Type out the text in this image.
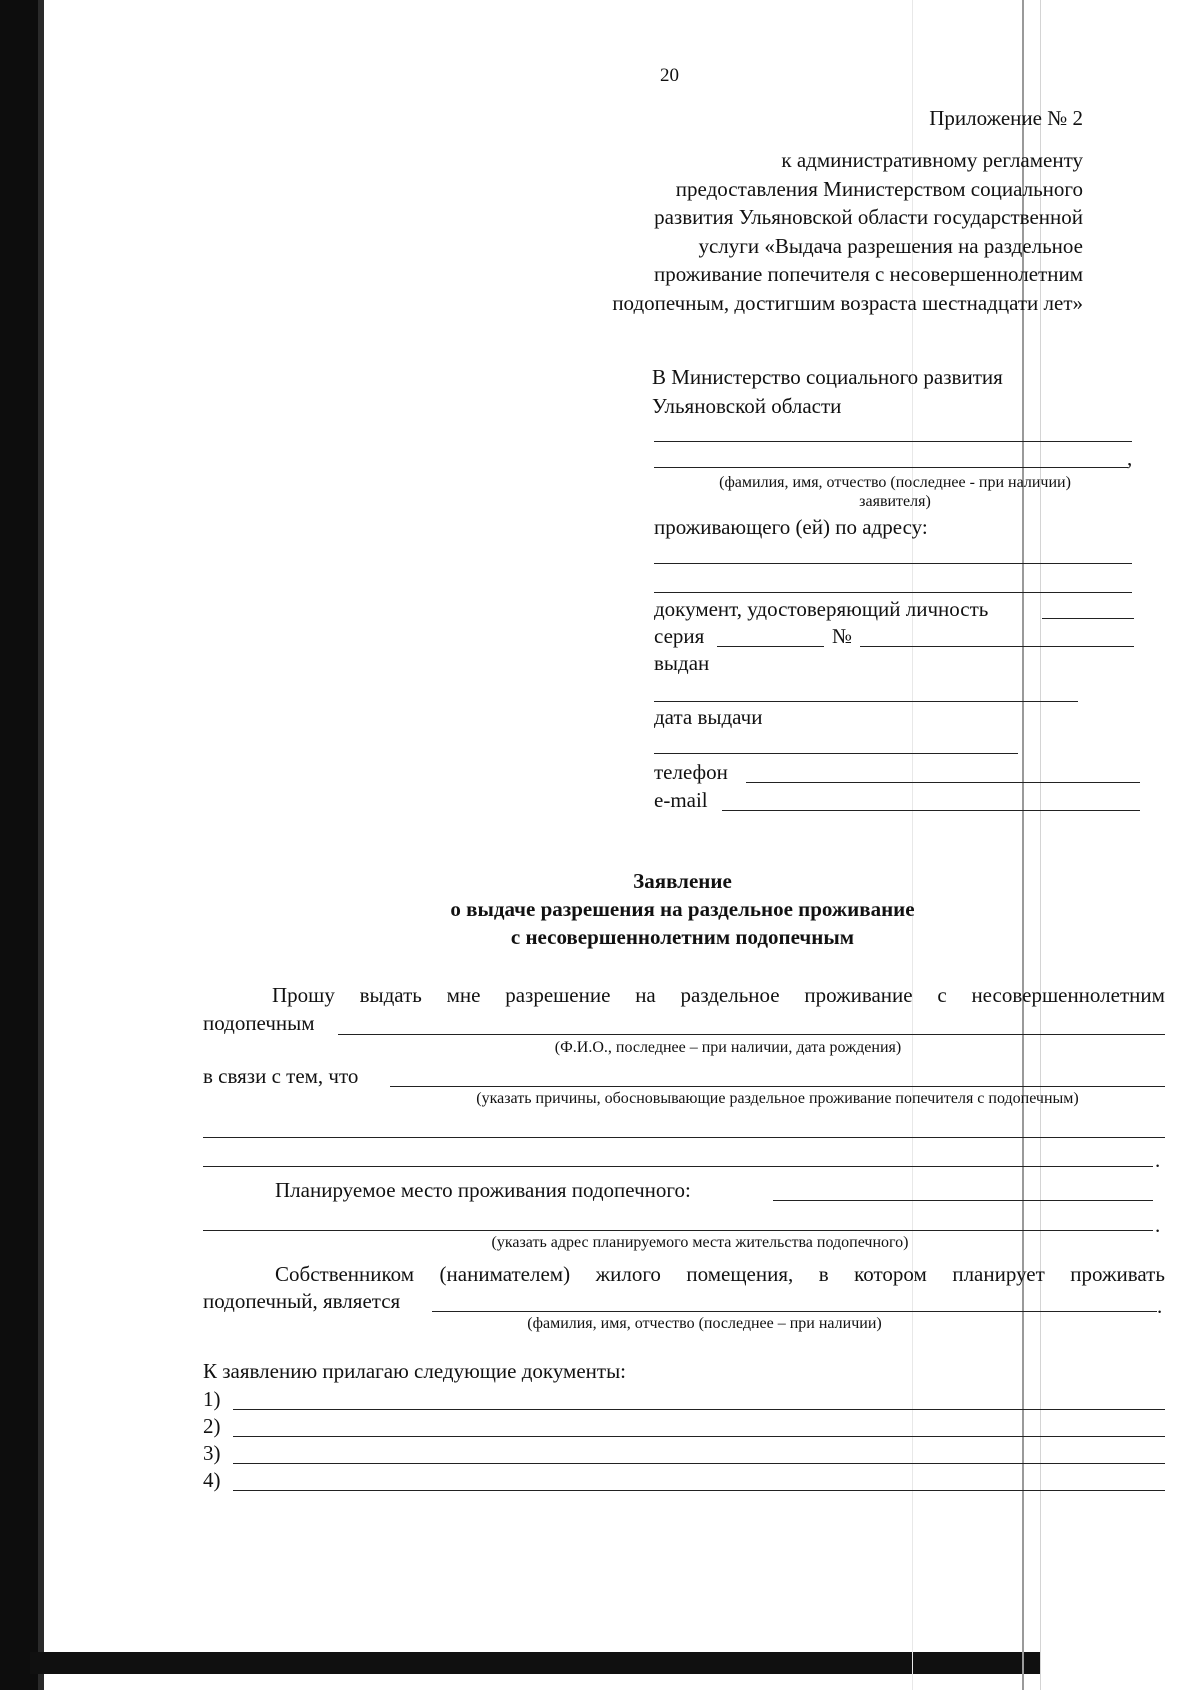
20
Приложение № 2
к административному регламенту
предоставления Министерством социального
развития Ульяновской области государственной
услуги «Выдача разрешения на раздельное
проживание попечителя с несовершеннолетним
подопечным, достигшим возраста шестнадцати лет»
В Министерство социального развития
Ульяновской области
,
(фамилия, имя, отчество (последнее - при наличии)
заявителя)
проживающего (ей) по адресу:
документ, удостоверяющий личность
серия	№
выдан
дата выдачи
телефон
e-mail
Заявление
о выдаче разрешения на раздельное проживание
с несовершеннолетним подопечным
Прошу выдать мне разрешение на раздельное проживание с несовершеннолетним
подопечным
(Ф.И.О., последнее – при наличии, дата рождения)
в связи с тем, что
(указать причины, обосновывающие раздельное проживание попечителя с подопечным)
.
Планируемое место проживания подопечного:
.
(указать адрес планируемого места жительства подопечного)
Собственником (нанимателем) жилого помещения, в котором планирует проживать
подопечный, является	.
(фамилия, имя, отчество (последнее – при наличии)
К заявлению прилагаю следующие документы:
1)
2)
3)
4)
